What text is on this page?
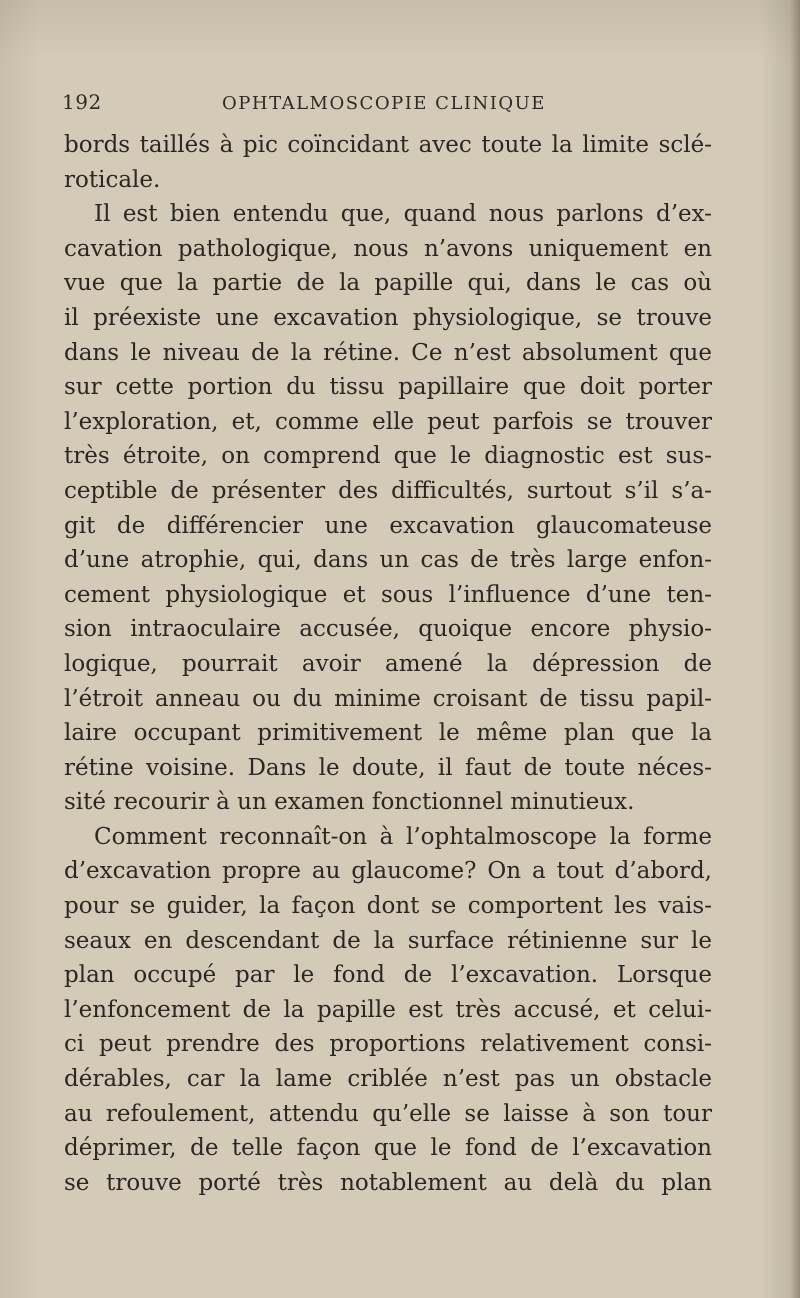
192	OPHTALMOSCOPIE CLINIQUE
bords taillés à pic coïncidant avec toute la limite sclé-
roticale.
Il est bien entendu que, quand nous parlons d’ex-
cavation pathologique, nous n’avons uniquement en
vue que la partie de la papille qui, dans le cas où
il préexiste une excavation physiologique, se trouve
dans le niveau de la rétine. Ce n’est absolument que
sur cette portion du tissu papillaire que doit porter
l’exploration, et, comme elle peut parfois se trouver
très étroite, on comprend que le diagnostic est sus-
ceptible de présenter des difficultés, surtout s’il s’a-
git de différencier une excavation glaucomateuse
d’une atrophie, qui, dans un cas de très large enfon-
cement physiologique et sous l’influence d’une ten-
sion intraoculaire accusée, quoique encore physio-
logique, pourrait avoir amené la dépression de
l’étroit anneau ou du minime croisant de tissu papil-
laire occupant primitivement le même plan que la
rétine voisine. Dans le doute, il faut de toute néces-
sité recourir à un examen fonctionnel minutieux.
Comment reconnaît-on à l’ophtalmoscope la forme
d’excavation propre au glaucome? On a tout d’abord,
pour se guider, la façon dont se comportent les vais-
seaux en descendant de la surface rétinienne sur le
plan occupé par le fond de l’excavation. Lorsque
l’enfoncement de la papille est très accusé, et celui-
ci peut prendre des proportions relativement consi-
dérables, car la lame criblée n’est pas un obstacle
au refoulement, attendu qu’elle se laisse à son tour
déprimer, de telle façon que le fond de l’excavation
se trouve porté très notablement au delà du plan
